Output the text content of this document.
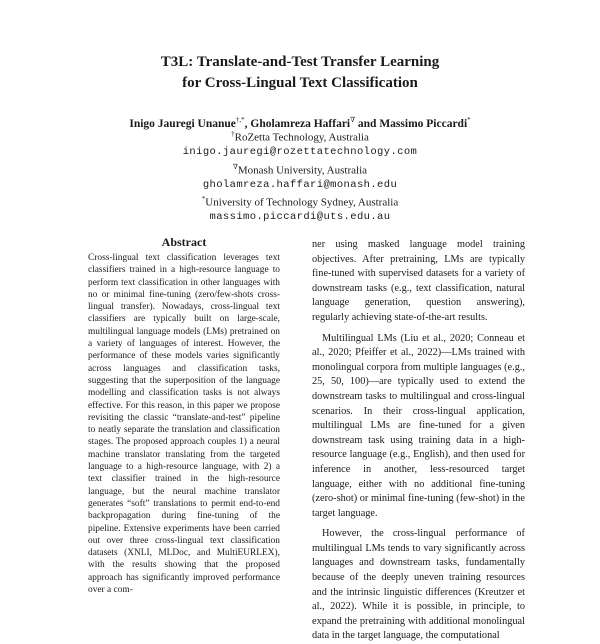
T3L: Translate-and-Test Transfer Learning
for Cross-Lingual Text Classification
Inigo Jauregi Unanue†,*, Gholamreza Haffari∇ and Massimo Piccardi*
†RoZetta Technology, Australia
inigo.jauregi@rozettatechnology.com
∇Monash University, Australia
gholamreza.haffari@monash.edu
*University of Technology Sydney, Australia
massimo.piccardi@uts.edu.au
Abstract
Cross-lingual text classification leverages text classifiers trained in a high-resource language to perform text classification in other languages with no or minimal fine-tuning (zero/few-shots cross-lingual transfer). Nowadays, cross-lingual text classifiers are typically built on large-scale, multilingual language models (LMs) pretrained on a variety of languages of interest. However, the performance of these models varies significantly across languages and classification tasks, suggesting that the superposition of the language modelling and classification tasks is not always effective. For this reason, in this paper we propose revisiting the classic “translate-and-test” pipeline to neatly separate the translation and classification stages. The proposed approach couples 1) a neural machine translator translating from the targeted language to a high-resource language, with 2) a text classifier trained in the high-resource language, but the neural machine translator generates “soft” translations to permit end-to-end backpropagation during fine-tuning of the pipeline. Extensive experiments have been carried out over three cross-lingual text classification datasets (XNLI, MLDoc, and MultiEURLEX), with the results showing that the proposed approach has significantly improved performance over a com-

ner using masked language model training objectives. After pretraining, LMs are typically fine-tuned with supervised datasets for a variety of downstream tasks (e.g., text classification, natural language generation, question answering), regularly achieving state-of-the-art results.

Multilingual LMs (Liu et al., 2020; Conneau et al., 2020; Pfeiffer et al., 2022)—LMs trained with monolingual corpora from multiple languages (e.g., 25, 50, 100)—are typically used to extend the downstream tasks to multilingual and cross-lingual scenarios. In their cross-lingual application, multilingual LMs are fine-tuned for a given downstream task using training data in a high-resource language (e.g., English), and then used for inference in another, less-resourced target language, either with no additional fine-tuning (zero-shot) or minimal fine-tuning (few-shot) in the target language.

However, the cross-lingual performance of multilingual LMs tends to vary significantly across languages and downstream tasks, fundamentally because of the deeply uneven training resources and the intrinsic linguistic differences (Kreutzer et al., 2022). While it is possible, in principle, to expand the pretraining with additional monolingual data in the target language, the computational
